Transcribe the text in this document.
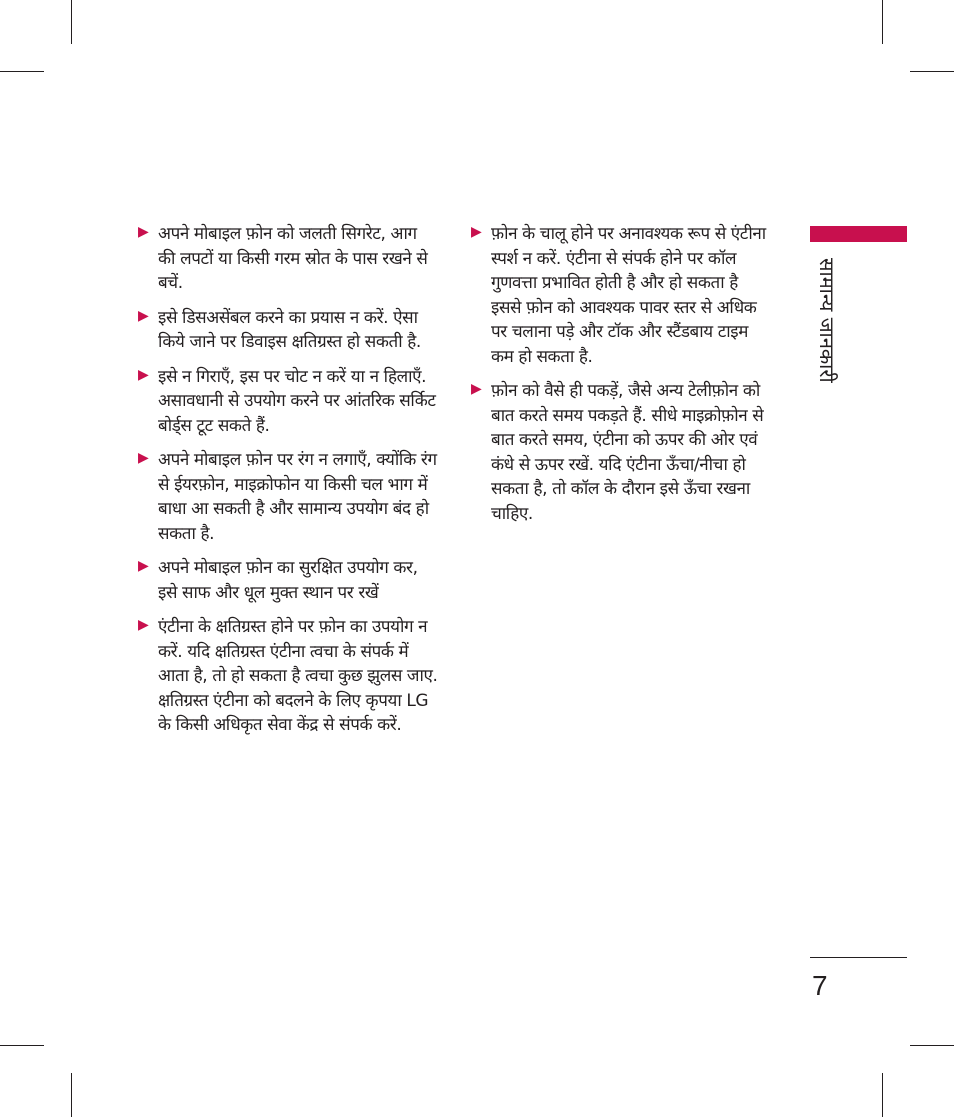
▶ अपने मोबाइल फ़ोन को जलती सिगरेट, आग की लपटों या किसी गरम स्रोत के पास रखने से बचें.
▶ इसे डिसअसेंबल करने का प्रयास न करें. ऐसा किये जाने पर डिवाइस क्षतिग्रस्त हो सकती है.
▶ इसे न गिराएँ, इस पर चोट न करें या न हिलाएँ. असावधानी से उपयोग करने पर आंतरिक सर्किट बोर्ड्स टूट सकते हैं.
▶ अपने मोबाइल फ़ोन पर रंग न लगाएँ, क्योंकि रंग से ईयरफ़ोन, माइक्रोफोन या किसी चल भाग में बाधा आ सकती है और सामान्य उपयोग बंद हो सकता है.
▶ अपने मोबाइल फ़ोन का सुरक्षित उपयोग कर, इसे साफ और धूल मुक्त स्थान पर रखें
▶ एंटीना के क्षतिग्रस्त होने पर फ़ोन का उपयोग न करें. यदि क्षतिग्रस्त एंटीना त्वचा के संपर्क में आता है, तो हो सकता है त्वचा कुछ झुलस जाए. क्षतिग्रस्त एंटीना को बदलने के लिए कृपया LG के किसी अधिकृत सेवा केंद्र से संपर्क करें.
▶ फ़ोन के चालू होने पर अनावश्यक रूप से एंटीना स्पर्श न करें. एंटीना से संपर्क होने पर कॉल गुणवत्ता प्रभावित होती है और हो सकता है इससे फ़ोन को आवश्यक पावर स्तर से अधिक पर चलाना पड़े और टॉक और स्टैंडबाय टाइम कम हो सकता है.
▶ फ़ोन को वैसे ही पकड़ें, जैसे अन्य टेलीफ़ोन को बात करते समय पकड़ते हैं. सीधे माइक्रोफ़ोन से बात करते समय, एंटीना को ऊपर की ओर एवं कंधे से ऊपर रखें. यदि एंटीना ऊँचा/नीचा हो सकता है, तो कॉल के दौरान इसे ऊँचा रखना चाहिए.
सामान्य जानकारी
7
